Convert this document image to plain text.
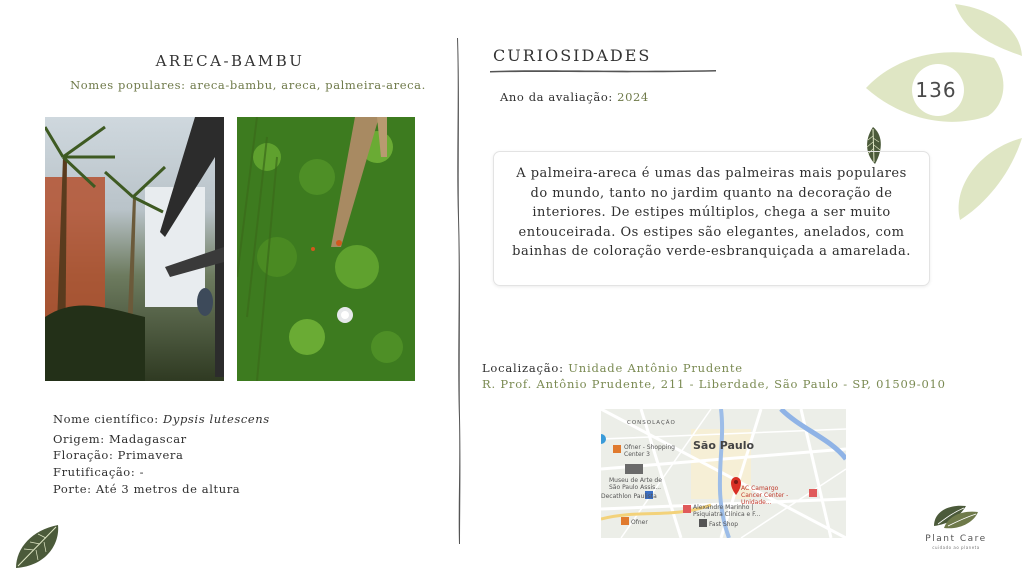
ARECA-BAMBU
Nomes populares: areca-bambu, areca, palmeira-areca.
Nome científico: Dypsis lutescens
Origem: Madagascar
Floração: Primavera
Frutificação: -
Porte: Até 3 metros de altura
CURIOSIDADES
Ano da avaliação: 2024	136
A palmeira-areca é umas das palmeiras mais populares do mundo, tanto no jardim quanto na decoração de interiores. De estipes múltiplos, chega a ser muito entouceirada. Os estipes são elegantes, anelados, com bainhas de coloração verde-esbranquiçada a amarelada.
Localização: Unidade Antônio Prudente
R. Prof. Antônio Prudente, 211 - Liberdade, São Paulo - SP, 01509-010
CONSOLAÇÃO
São Paulo
Ofner - Shopping Center 3
Museu de Arte de São Paulo Assis...
Decathlon Paulista
AC Camargo Cancer Center - Unidade...
Alexandre Marinho | Psiquiatra Clínica e F...
Fast Shop
Ofner
Plant Care
cuidado ao planeta
